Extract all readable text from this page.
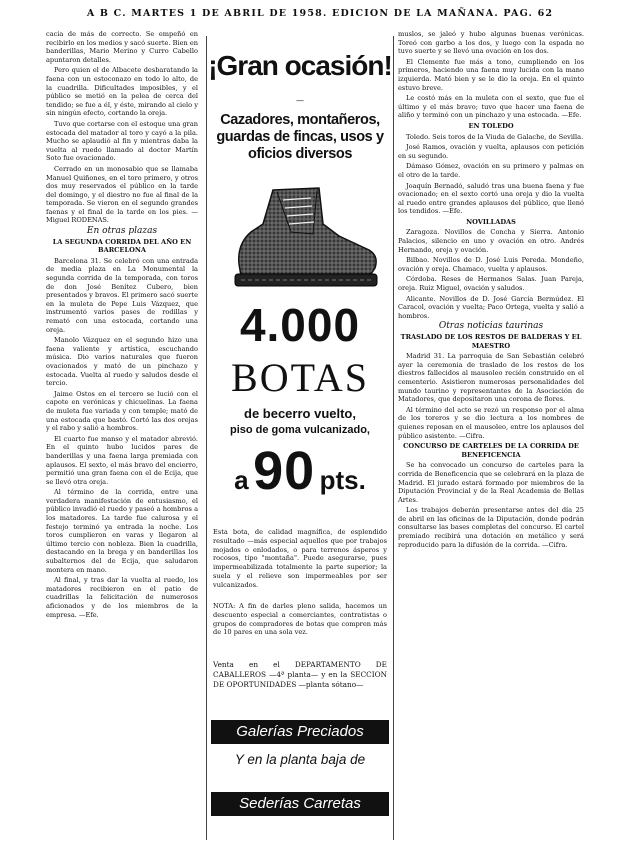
A B C. MARTES 1 DE ABRIL DE 1958. EDICION DE LA MAÑANA. PAG. 62

cacia de más de correcto. Se empeñó en recibirlo en los medios y sacó suerte. Bien en banderillas, Mario Merino y Curro Cabello apuntaron detalles.

Pero quien el de Albacete desbaratando la faena con un estoconazo en todo lo alto, de la cuadrilla. Dificultades imposibles, y el público se metió en la pelea de cerca del tendido; se fue a él, y éste, mirando al cielo y sin ningún efecto, cortando la oreja.

Tuvo que cortarse con el estoque una gran estocada del matador al toro y cayó a la pila. Mucho se aplaudió al fin y mientras daba la vuelta al ruedo llamado al doctor Martín Soto fue ovacionado.

Cerrado en un monosabio que se llamaba Manuel Quiñones, en el toro primero, y otros dos muy reservados el público en la tarde del domingo, y el diestro no fue al final de la temporada. Se vieron en el segundo grandes faenas y el final de la tarde en los pies. —Miguel RODENAS.

En otras plazas

LA SEGUNDA CORRIDA DEL AÑO EN BARCELONA

Barcelona 31. Se celebró con una entrada de media plaza en La Monumental la segunda corrida de la temporada, con toros de don José Benítez Cubero, bien presentados y bravos. El primero sacó suerte en la muleta de Pepe Luis Vázquez, que instrumentó varios pases de rodillas y remató con una estocada, cortando una oreja.

Manolo Vázquez en el segundo hizo una faena valiente y artística, escuchando música. Dio varios naturales que fueron ovacionados y mató de un pinchazo y estocada. Vuelta al ruedo y saludos desde el tercio.

Jaime Ostos en el tercero se lució con el capote en verónicas y chicuelinas. La faena de muleta fue variada y con temple; mató de una estocada que bastó. Cortó las dos orejas y el rabo y salió a hombros.

El cuarto fue manso y el matador abrevió. En el quinto hubo lucidos pares de banderillas y una faena larga premiada con aplausos. El sexto, el más bravo del encierro, permitió una gran faena con el de Ecija, que se llevó otra oreja.

Al término de la corrida, entre una verdadera manifestación de entusiasmo, el público invadió el ruedo y paseó a hombros a los matadores. La tarde fue calurosa y el festejo terminó ya entrada la noche. Los toros cumplieron en varas y llegaron al último tercio con nobleza. Bien la cuadrilla, destacando en la brega y en banderillas los subalternos del de Ecija, que saludaron montera en mano.

Al final, y tras dar la vuelta al ruedo, los matadores recibieron en el patio de cuadrillas la felicitación de numerosos aficionados y de los miembros de la empresa. —Efe.

¡Gran ocasión!
—
Cazadores, montañeros, guardas de fincas, usos y oficios diversos
4.000
BOTAS
de becerro vuelto,
piso de goma vulcanizado,
a 90 pts.
Esta bota, de calidad magnífica, de esplendido resultado —más especial aquellos que por trabajos mojados o enlodados, o para terrenos ásperos y rocosos, tipo "montaña". Puede asegurarse, pues impermeabilizada totalmente la parte superior; la suela y el relieve son impermeables por ser vulcanizados.
NOTA: A fin de darles pleno salida, hacemos un descuento especial a comerciantes, contratistas o grupos de compradores de botas que compren más de 10 pares en una sola vez.
Venta en el DEPARTAMENTO DE CABALLEROS —4ª planta— y en la SECCION DE OPORTUNIDADES —planta sótano—
Galerías Preciados
Y en la planta baja de
Sederías Carretas

muslos, se jaleó y hubo algunas buenas verónicas. Toreó con garbo a los dos, y luego con la espada no tuvo suerte y se llevó una ovación en los dos.

El Clemente fue más a tono, cumpliendo en los primeros, haciendo una faena muy lucida con la mano izquierda. Mató bien y se le dio la oreja. En el quinto estuvo breve.

Le costó más en la muleta con el sexto, que fue el último y el más bravo; tuvo que hacer una faena de aliño y terminó con un pinchazo y una estocada. —Efe.

EN TOLEDO

Toledo. Seis toros de la Viuda de Galache, de Sevilla.

José Ramos, ovación y vuelta, aplausos con petición en su segundo.

Dámaso Gómez, ovación en su primero y palmas en el otro de la tarde.

Joaquín Bernadó, saludó tras una buena faena y fue ovacionado; en el sexto cortó una oreja y dio la vuelta al ruedo entre grandes aplausos del público, que llenó los tendidos. —Efe.

NOVILLADAS

Zaragoza. Novillos de Concha y Sierra. Antonio Palacios, silencio en uno y ovación en otro. Andrés Hernando, oreja y ovación.

Bilbao. Novillos de D. José Luis Pereda. Mondeño, ovación y oreja. Chamaco, vuelta y aplausos.

Córdoba. Reses de Hermanos Salas. Juan Pareja, oreja. Ruiz Miguel, ovación y saludos.

Alicante. Novillos de D. José García Bermúdez. El Caracol, ovación y vuelta; Paco Ortega, vuelta y salió a hombros.

Otras noticias taurinas

TRASLADO DE LOS RESTOS DE BALDERAS Y EL MAESTRO

Madrid 31. La parroquia de San Sebastián celebró ayer la ceremonia de traslado de los restos de los diestros fallecidos al mausoleo recién construido en el cementerio. Asistieron numerosas personalidades del mundo taurino y representantes de la Asociación de Matadores, que depositaron una corona de flores.

Al término del acto se rezó un responso por el alma de los toreros y se dio lectura a los nombres de quienes reposan en el mausoleo, entre los aplausos del público asistente. —Cifra.

CONCURSO DE CARTELES DE LA CORRIDA DE BENEFICENCIA

Se ha convocado un concurso de carteles para la corrida de Beneficencia que se celebrará en la plaza de Madrid. El jurado estará formado por miembros de la Diputación Provincial y de la Real Academia de Bellas Artes.

Los trabajos deberán presentarse antes del día 25 de abril en las oficinas de la Diputación, donde podrán consultarse las bases completas del concurso. El cartel premiado recibirá una dotación en metálico y será reproducido para la difusión de la corrida. —Cifra.
